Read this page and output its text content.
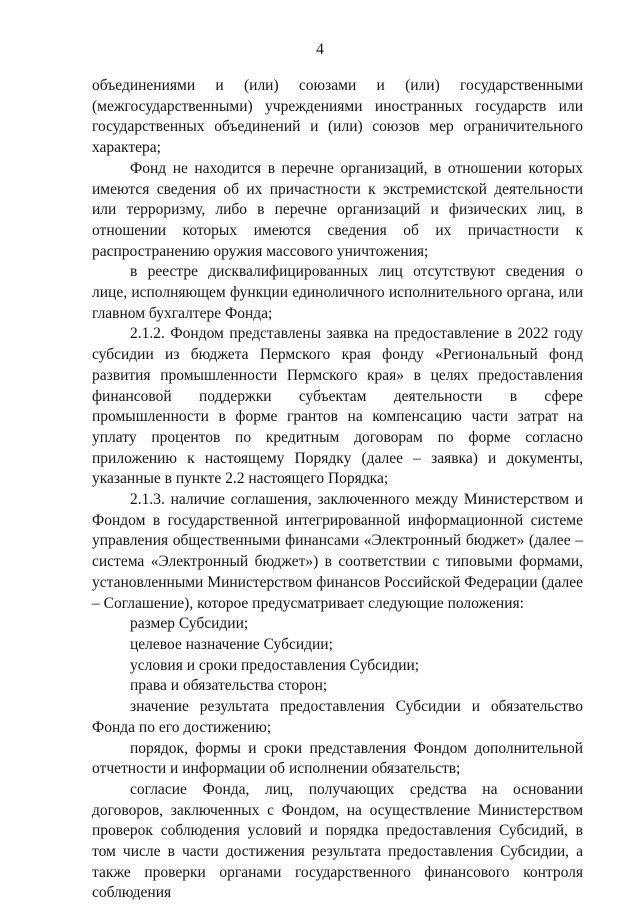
4

объединениями и (или) союзами и (или) государственными (межгосударственными) учреждениями иностранных государств или государственных объединений и (или) союзов мер ограничительного характера;

Фонд не находится в перечне организаций, в отношении которых имеются сведения об их причастности к экстремистской деятельности или терроризму, либо в перечне организаций и физических лиц, в отношении которых имеются сведения об их причастности к распространению оружия массового уничтожения;

в реестре дисквалифицированных лиц отсутствуют сведения о лице, исполняющем функции единоличного исполнительного органа, или главном бухгалтере Фонда;

2.1.2. Фондом представлены заявка на предоставление в 2022 году субсидии из бюджета Пермского края фонду «Региональный фонд развития промышленности Пермского края» в целях предоставления финансовой поддержки субъектам деятельности в сфере промышленности в форме грантов на компенсацию части затрат на уплату процентов по кредитным договорам по форме согласно приложению к настоящему Порядку (далее – заявка) и документы, указанные в пункте 2.2 настоящего Порядка;

2.1.3. наличие соглашения, заключенного между Министерством и Фондом в государственной интегрированной информационной системе управления общественными финансами «Электронный бюджет» (далее – система «Электронный бюджет») в соответствии с типовыми формами, установленными Министерством финансов Российской Федерации (далее – Соглашение), которое предусматривает следующие положения:

размер Субсидии;

целевое назначение Субсидии;

условия и сроки предоставления Субсидии;

права и обязательства сторон;

значение результата предоставления Субсидии и обязательство Фонда по его достижению;

порядок, формы и сроки представления Фондом дополнительной отчетности и информации об исполнении обязательств;

согласие Фонда, лиц, получающих средства на основании договоров, заключенных с Фондом, на осуществление Министерством проверок соблюдения условий и порядка предоставления Субсидий, в том числе в части достижения результата предоставления Субсидии, а также проверки органами государственного финансового контроля соблюдения
